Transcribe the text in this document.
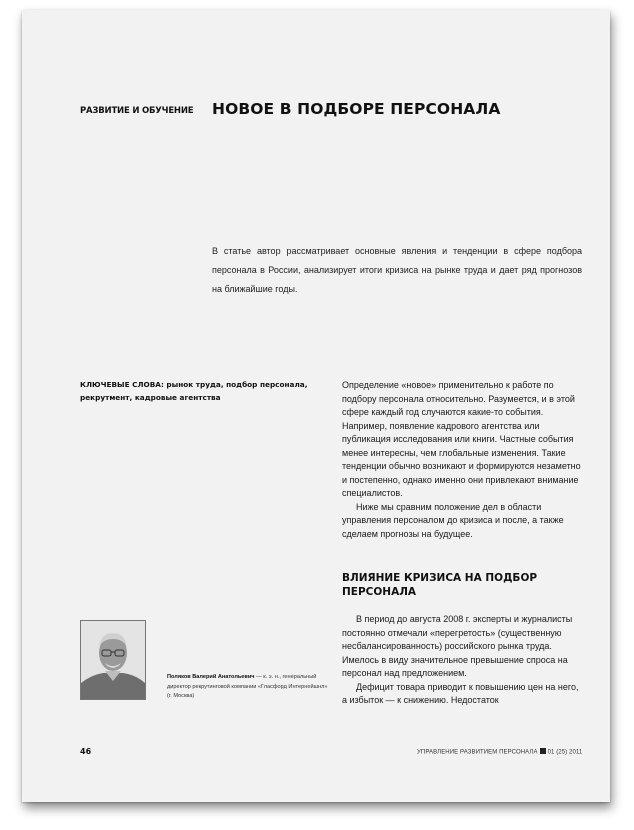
РАЗВИТИЕ И ОБУЧЕНИЕ НОВОЕ В ПОДБОРЕ ПЕРСОНАЛА
В статье автор рассматривает основные явления и тенденции в сфере подбора персонала в России, анализирует итоги кризиса на рынке труда и дает ряд прогнозов на ближайшие годы.
КЛЮЧЕВЫЕ СЛОВА: рынок труда, подбор персонала, рекрутмент, кадровые агентства

Определение «новое» применительно к работе по подбору персонала относительно. Разумеется, и в этой сфере каждый год случаются какие-то события. Например, появление кадрового агентства или публикация исследования или книги. Частные события менее интересны, чем глобальные изменения. Такие тенденции обычно возникают и формируются незаметно и постепенно, однако именно они привлекают внимание специалистов.

Ниже мы сравним положение дел в области управления персоналом до кризиса и после, а также сделаем прогнозы на будущее.

ВЛИЯНИЕ КРИЗИСА НА ПОДБОР ПЕРСОНАЛА

В период до августа 2008 г. эксперты и журналисты постоянно отмечали «перегретость» (существенную несбалансированность) российского рынка труда. Имелось в виду значительное превышение спроса на персонал над предложением.

Дефицит товара приводит к повышению цен на него, а избыток — к снижению. Недостаток

Поляков Валерий Анатольевич — к. э. н., генеральный директор рекрутинговой компании «Гласфорд Интернейшнл» (г. Москва)
46	УПРАВЛЕНИЕ РАЗВИТИЕМ ПЕРСОНАЛА 01 (25) 2011
